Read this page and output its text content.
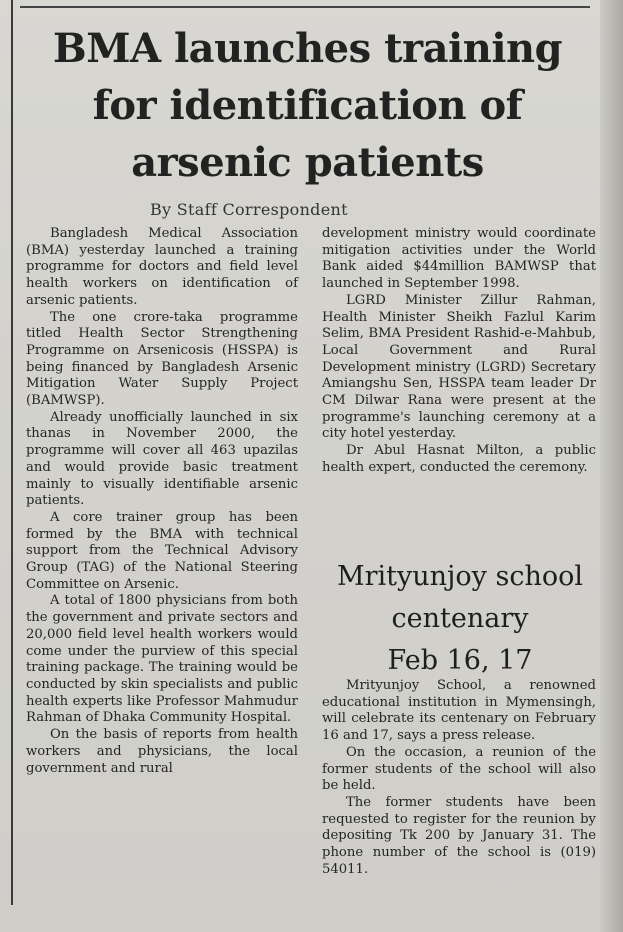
BMA launches training
for identification of
arsenic patients
By Staff Correspondent

Bangladesh Medical Association (BMA) yesterday launched a training programme for doctors and field level health workers on identification of arsenic patients.

The one crore-taka programme titled Health Sector Strengthening Programme on Arsenicosis (HSSPA) is being financed by Bangladesh Arsenic Mitigation Water Supply Project (BAMWSP).

Already unofficially launched in six thanas in November 2000, the programme will cover all 463 upazilas and would provide basic treatment mainly to visually identifiable arsenic patients.

A core trainer group has been formed by the BMA with technical support from the Technical Advisory Group (TAG) of the National Steering Committee on Arsenic.

A total of 1800 physicians from both the government and private sectors and 20,000 field level health workers would come under the purview of this special training package. The training would be conducted by skin specialists and public health experts like Professor Mahmudur Rahman of Dhaka Community Hospital.

On the basis of reports from health workers and physicians, the local government and rural

development ministry would coordinate mitigation activities under the World Bank aided $44million BAMWSP that launched in September 1998.

LGRD Minister Zillur Rahman, Health Minister Sheikh Fazlul Karim Selim, BMA President Rashid-e-Mahbub, Local Government and Rural Development ministry (LGRD) Secretary Amiangshu Sen, HSSPA team leader Dr CM Dilwar Rana were present at the programme's launching ceremony at a city hotel yesterday.

Dr Abul Hasnat Milton, a public health expert, conducted the ceremony.

Mrityunjoy school
centenary
Feb 16, 17

Mrityunjoy School, a renowned educational institution in Mymensingh, will celebrate its centenary on February 16 and 17, says a press release.

On the occasion, a reunion of the former students of the school will also be held.

The former students have been requested to register for the reunion by depositing Tk 200 by January 31. The phone number of the school is (019) 54011.
